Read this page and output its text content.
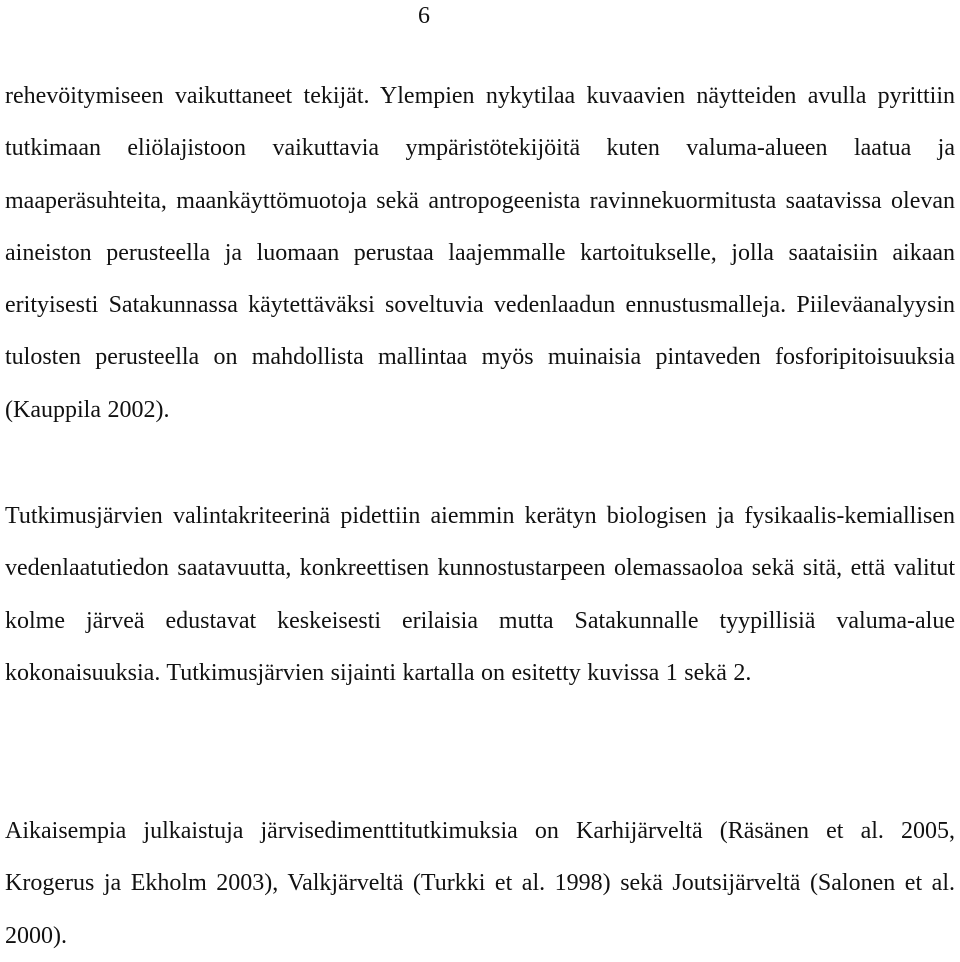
6

rehevöitymiseen vaikuttaneet tekijät. Ylempien nykytilaa kuvaavien näytteiden avulla pyrittiin tutkimaan eliölajistoon vaikuttavia ympäristötekijöitä kuten valuma-alueen laatua ja maaperäsuhteita, maankäyttömuotoja sekä antropogeenista ravinnekuormitusta saatavissa olevan aineiston perusteella ja luomaan perustaa laajemmalle kartoitukselle, jolla saataisiin aikaan erityisesti Satakunnassa käytettäväksi soveltuvia vedenlaadun ennustusmalleja. Piileväanalyysin tulosten perusteella on mahdollista mallintaa myös muinaisia pintaveden fosforipitoisuuksia (Kauppila 2002).

Tutkimusjärvien valintakriteerinä pidettiin aiemmin kerätyn biologisen ja fysikaalis-kemiallisen vedenlaatutiedon saatavuutta, konkreettisen kunnostustarpeen olemassaoloa sekä sitä, että valitut kolme järveä edustavat keskeisesti erilaisia mutta Satakunnalle tyypillisiä valuma-alue kokonaisuuksia. Tutkimusjärvien sijainti kartalla on esitetty kuvissa 1 sekä 2.

Aikaisempia julkaistuja järvisedimenttitutkimuksia on Karhijärveltä (Räsänen et al. 2005, Krogerus ja Ekholm 2003), Valkjärveltä (Turkki et al. 1998) sekä Joutsijärveltä (Salonen et al. 2000).
